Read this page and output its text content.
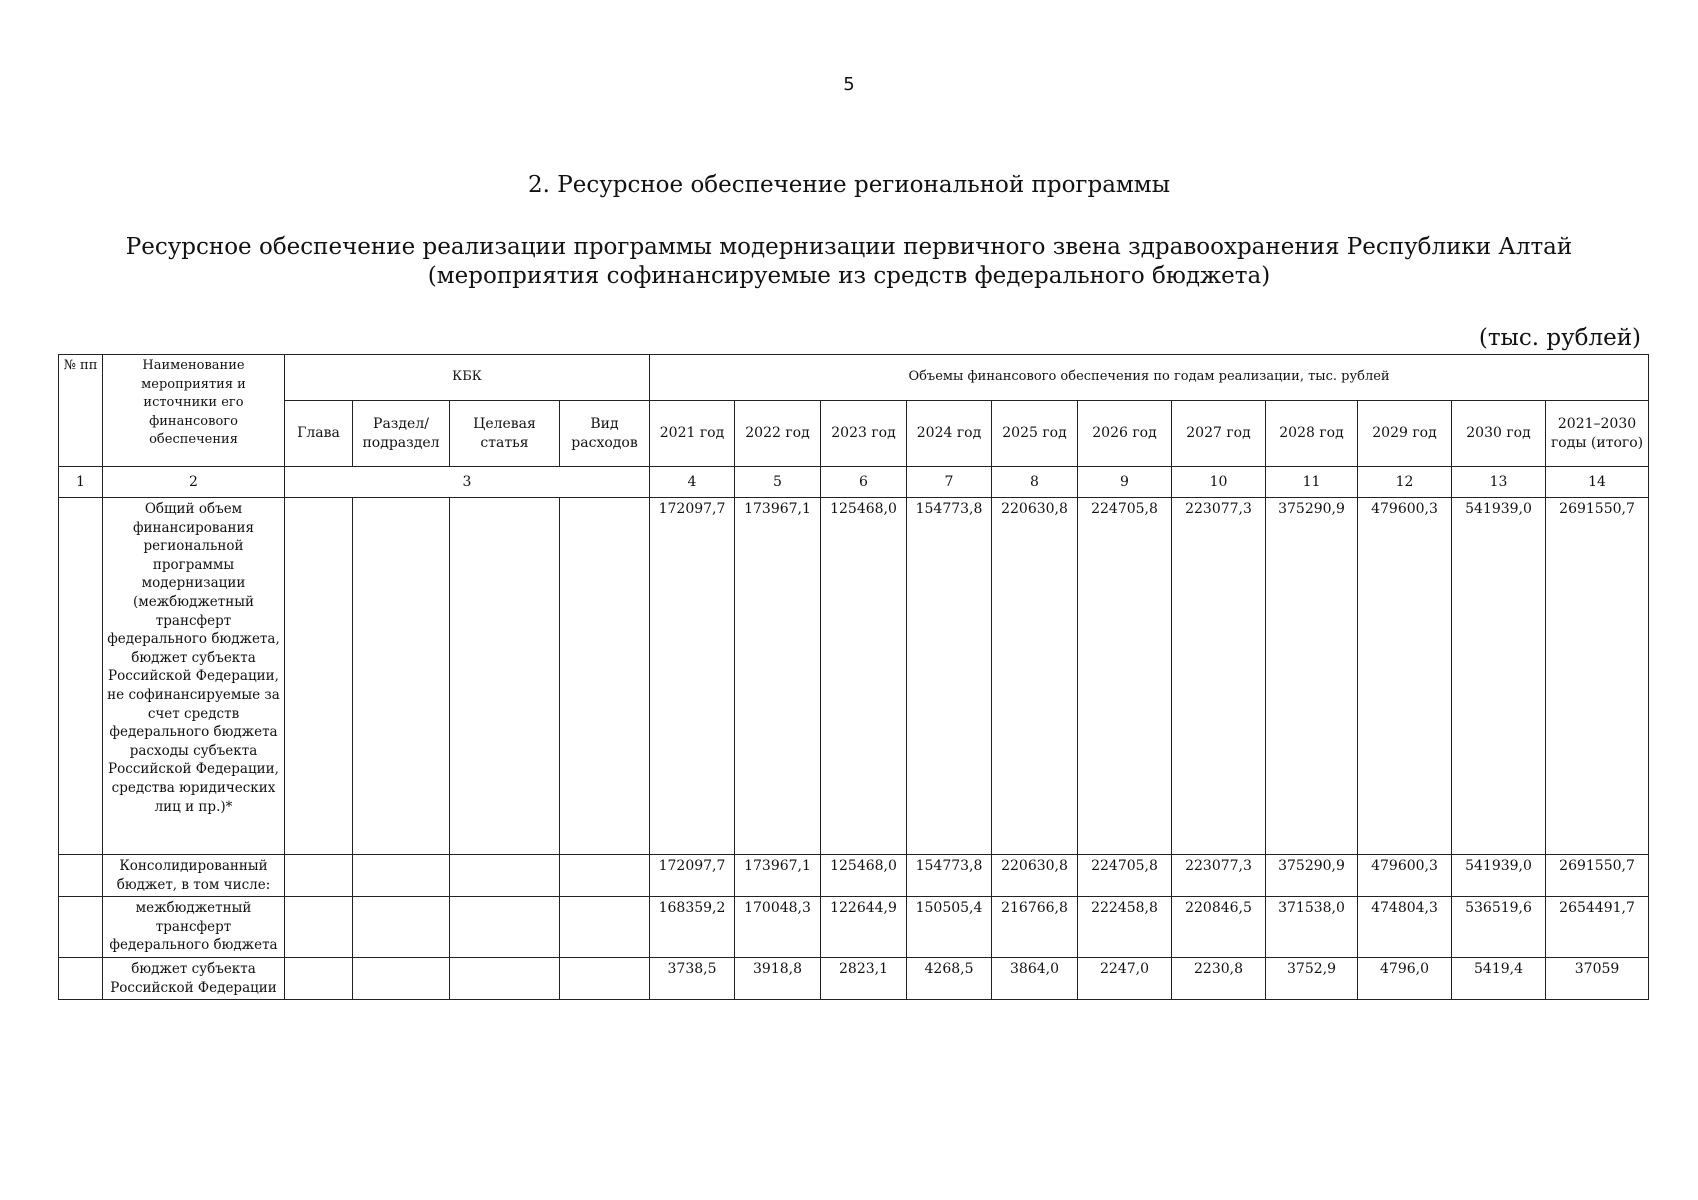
5
2. Ресурсное обеспечение региональной программы
Ресурсное обеспечение реализации программы модернизации первичного звена здравоохранения Республики Алтай (мероприятия софинансируемые из средств федерального бюджета)
(тыс. рублей)
№ пп	Наименование мероприятия и источники его финансового обеспечения	КБК				Объемы финансового обеспечения по годам реализации, тыс. рублей										
		Глава	Раздел/ подраздел	Целевая статья	Вид расходов	2021 год	2022 год	2023 год	2024 год	2025 год	2026 год	2027 год	2028 год	2029 год	2030 год	2021–2030 годы (итого)
1	2	3				4	5	6	7	8	9	10	11	12	13	14
	Общий объем финансирования региональной программы модернизации (межбюджетный трансферт федерального бюджета, бюджет субъекта Российской Федерации, не софинансируемые за счет средств федерального бюджета расходы субъекта Российской Федерации, средства юридических лиц и пр.)*					172097,7	173967,1	125468,0	154773,8	220630,8	224705,8	223077,3	375290,9	479600,3	541939,0	2691550,7
	Консолидированный бюджет, в том числе:					172097,7	173967,1	125468,0	154773,8	220630,8	224705,8	223077,3	375290,9	479600,3	541939,0	2691550,7
	межбюджетный трансферт федерального бюджета					168359,2	170048,3	122644,9	150505,4	216766,8	222458,8	220846,5	371538,0	474804,3	536519,6	2654491,7
	бюджет субъекта Российской Федерации					3738,5	3918,8	2823,1	4268,5	3864,0	2247,0	2230,8	3752,9	4796,0	5419,4	37059
